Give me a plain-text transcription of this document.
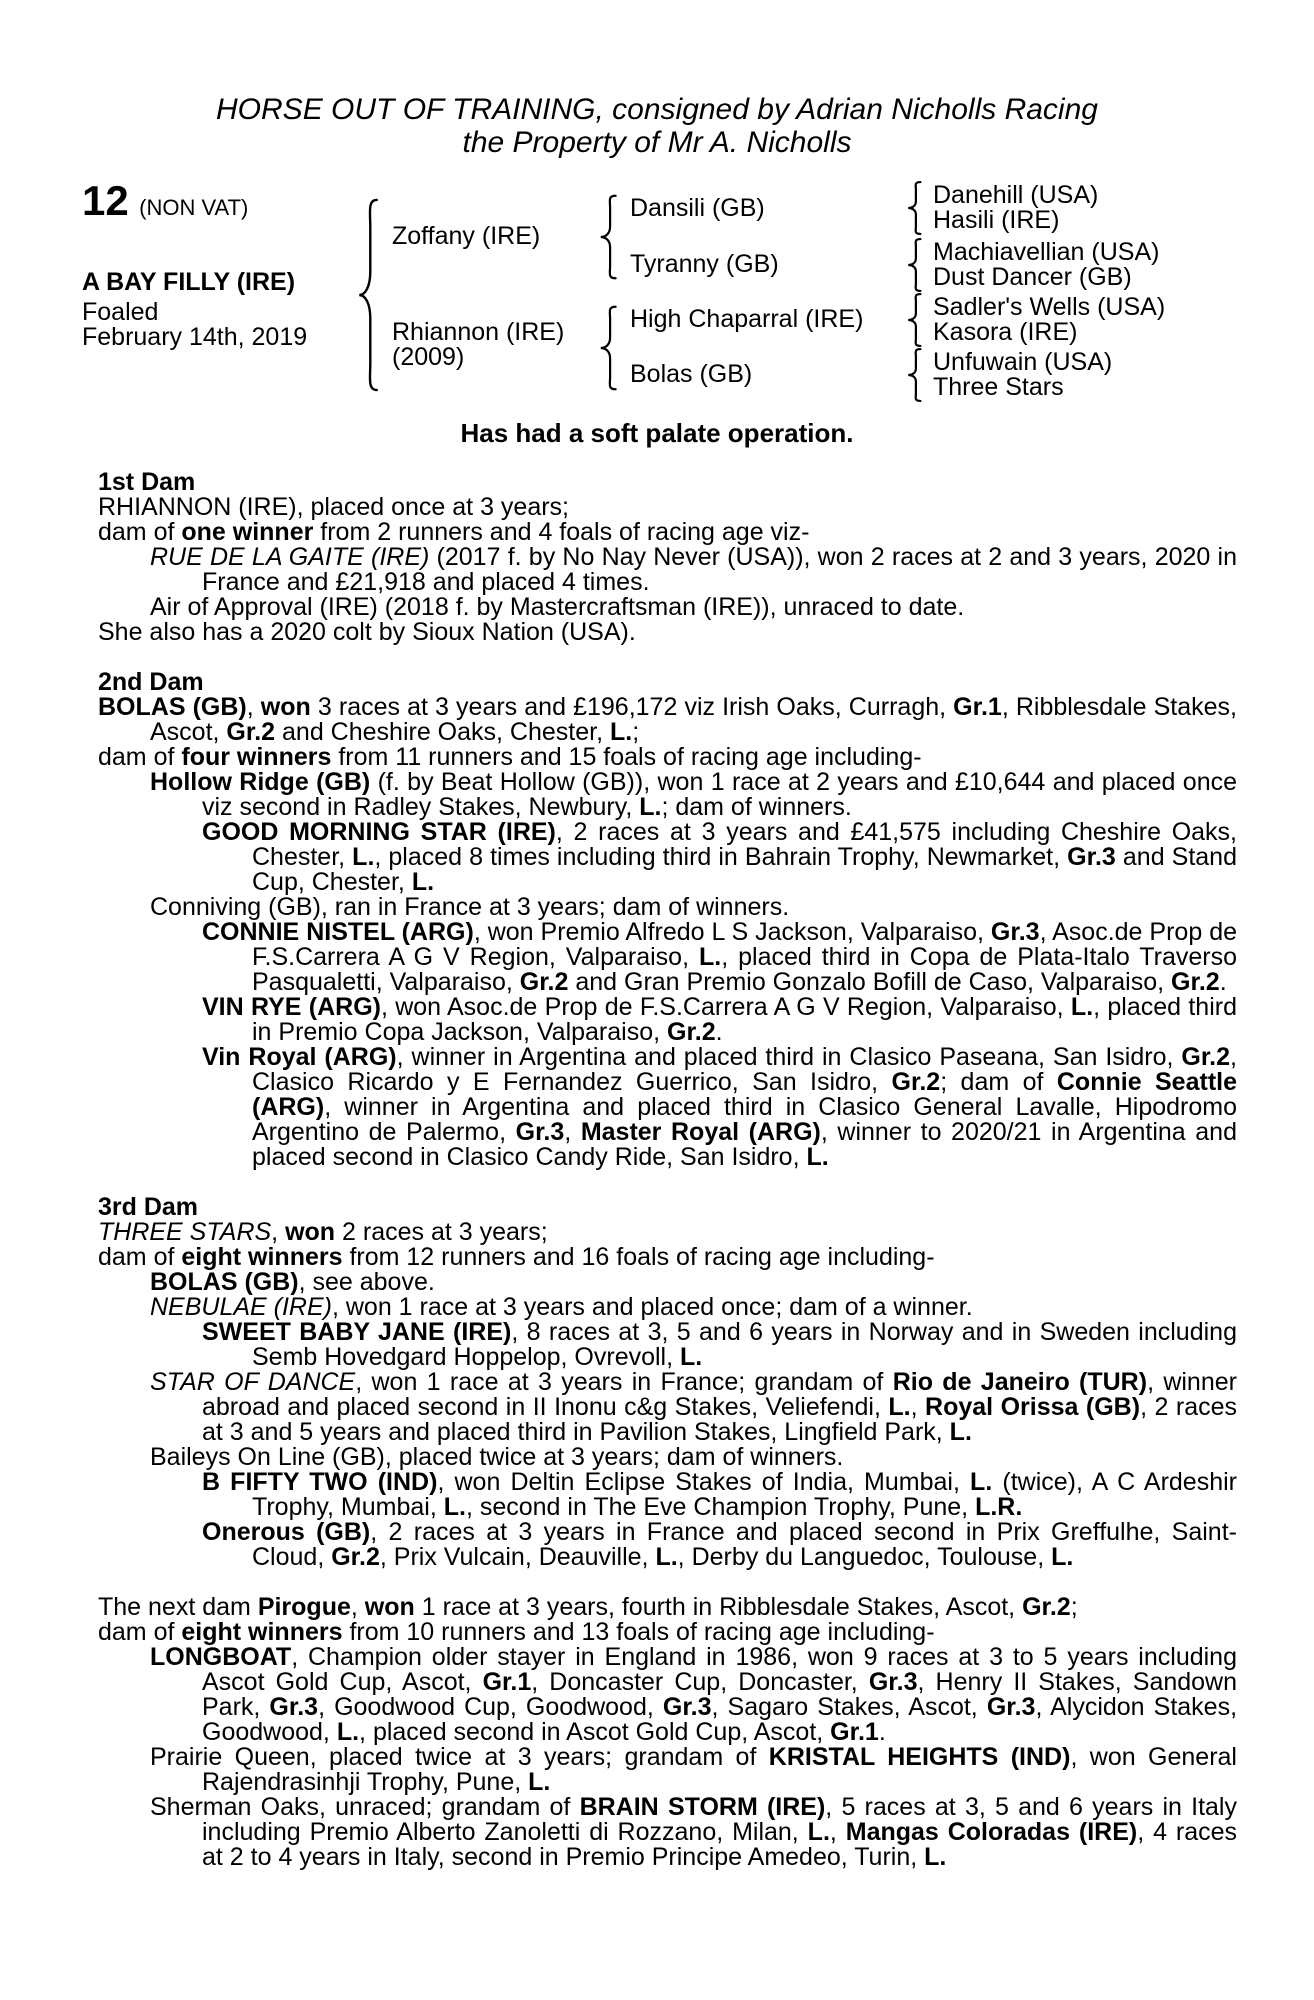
HORSE OUT OF TRAINING, consigned by Adrian Nicholls Racing
the Property of Mr A. Nicholls
12 (NON VAT)
A BAY FILLY (IRE)
Foaled
February 14th, 2019
Zoffany (IRE)
Rhiannon (IRE)
(2009)
Dansili (GB)
Tyranny (GB)
High Chaparral (IRE)
Bolas (GB)
Danehill (USA)
Hasili (IRE)
Machiavellian (USA)
Dust Dancer (GB)
Sadler's Wells (USA)
Kasora (IRE)
Unfuwain (USA)
Three Stars
Has had a soft palate operation.
1st Dam
RHIANNON (IRE), placed once at 3 years;
dam of one winner from 2 runners and 4 foals of racing age viz-
RUE DE LA GAITE (IRE) (2017 f. by No Nay Never (USA)), won 2 races at 2 and 3 years, 2020 in France and £21,918 and placed 4 times.
Air of Approval (IRE) (2018 f. by Mastercraftsman (IRE)), unraced to date.
She also has a 2020 colt by Sioux Nation (USA).
2nd Dam
BOLAS (GB), won 3 races at 3 years and £196,172 viz Irish Oaks, Curragh, Gr.1, Ribblesdale Stakes, Ascot, Gr.2 and Cheshire Oaks, Chester, L.;
dam of four winners from 11 runners and 15 foals of racing age including-
Hollow Ridge (GB) (f. by Beat Hollow (GB)), won 1 race at 2 years and £10,644 and placed once viz second in Radley Stakes, Newbury, L.; dam of winners.
GOOD MORNING STAR (IRE), 2 races at 3 years and £41,575 including Cheshire Oaks, Chester, L., placed 8 times including third in Bahrain Trophy, Newmarket, Gr.3 and Stand Cup, Chester, L.
Conniving (GB), ran in France at 3 years; dam of winners.
CONNIE NISTEL (ARG), won Premio Alfredo L S Jackson, Valparaiso, Gr.3, Asoc.de Prop de F.S.Carrera A G V Region, Valparaiso, L., placed third in Copa de Plata-Italo Traverso Pasqualetti, Valparaiso, Gr.2 and Gran Premio Gonzalo Bofill de Caso, Valparaiso, Gr.2.
VIN RYE (ARG), won Asoc.de Prop de F.S.Carrera A G V Region, Valparaiso, L., placed third in Premio Copa Jackson, Valparaiso, Gr.2.
Vin Royal (ARG), winner in Argentina and placed third in Clasico Paseana, San Isidro, Gr.2, Clasico Ricardo y E Fernandez Guerrico, San Isidro, Gr.2; dam of Connie Seattle (ARG), winner in Argentina and placed third in Clasico General Lavalle, Hipodromo Argentino de Palermo, Gr.3, Master Royal (ARG), winner to 2020/21 in Argentina and placed second in Clasico Candy Ride, San Isidro, L.
3rd Dam
THREE STARS, won 2 races at 3 years;
dam of eight winners from 12 runners and 16 foals of racing age including-
BOLAS (GB), see above.
NEBULAE (IRE), won 1 race at 3 years and placed once; dam of a winner.
SWEET BABY JANE (IRE), 8 races at 3, 5 and 6 years in Norway and in Sweden including Semb Hovedgard Hoppelop, Ovrevoll, L.
STAR OF DANCE, won 1 race at 3 years in France; grandam of Rio de Janeiro (TUR), winner abroad and placed second in II Inonu c&g Stakes, Veliefendi, L., Royal Orissa (GB), 2 races at 3 and 5 years and placed third in Pavilion Stakes, Lingfield Park, L.
Baileys On Line (GB), placed twice at 3 years; dam of winners.
B FIFTY TWO (IND), won Deltin Eclipse Stakes of India, Mumbai, L. (twice), A C Ardeshir Trophy, Mumbai, L., second in The Eve Champion Trophy, Pune, L.R.
Onerous (GB), 2 races at 3 years in France and placed second in Prix Greffulhe, Saint-Cloud, Gr.2, Prix Vulcain, Deauville, L., Derby du Languedoc, Toulouse, L.
The next dam Pirogue, won 1 race at 3 years, fourth in Ribblesdale Stakes, Ascot, Gr.2;
dam of eight winners from 10 runners and 13 foals of racing age including-
LONGBOAT, Champion older stayer in England in 1986, won 9 races at 3 to 5 years including Ascot Gold Cup, Ascot, Gr.1, Doncaster Cup, Doncaster, Gr.3, Henry II Stakes, Sandown Park, Gr.3, Goodwood Cup, Goodwood, Gr.3, Sagaro Stakes, Ascot, Gr.3, Alycidon Stakes, Goodwood, L., placed second in Ascot Gold Cup, Ascot, Gr.1.
Prairie Queen, placed twice at 3 years; grandam of KRISTAL HEIGHTS (IND), won General Rajendrasinhji Trophy, Pune, L.
Sherman Oaks, unraced; grandam of BRAIN STORM (IRE), 5 races at 3, 5 and 6 years in Italy including Premio Alberto Zanoletti di Rozzano, Milan, L., Mangas Coloradas (IRE), 4 races at 2 to 4 years in Italy, second in Premio Principe Amedeo, Turin, L.
